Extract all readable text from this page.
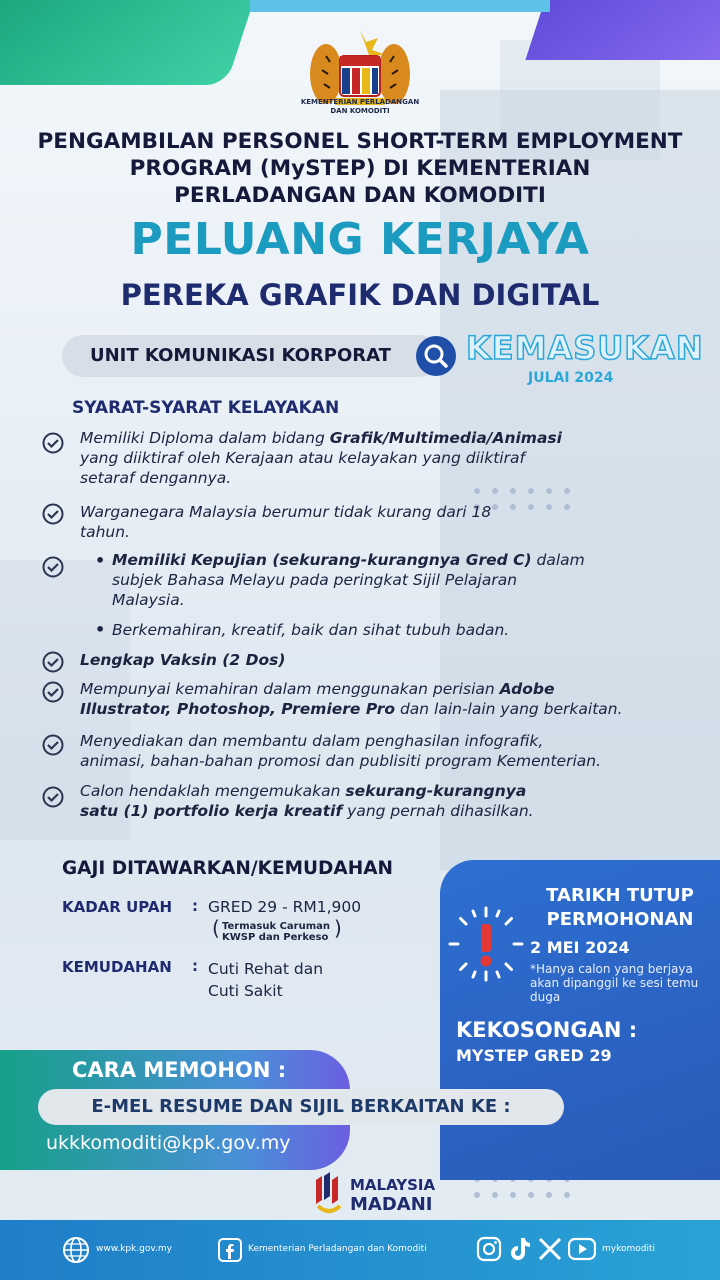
KEMENTERIAN PERLADANGAN
DAN KOMODITI
PENGAMBILAN PERSONEL SHORT-TERM EMPLOYMENT
PROGRAM (MySTEP) DI KEMENTERIAN
PERLADANGAN DAN KOMODITI
PELUANG KERJAYA
PEREKA GRAFIK DAN DIGITAL
UNIT KOMUNIKASI KORPORAT	KEMASUKAN
JULAI 2024
SYARAT-SYARAT KELAYAKAN
Memiliki Diploma dalam bidang Grafik/Multimedia/Animasi
yang diiktiraf oleh Kerajaan atau kelayakan yang diiktiraf
setaraf dengannya.
Warganegara Malaysia berumur tidak kurang dari 18
tahun.
• Memiliki Kepujian (sekurang-kurangnya Gred C) dalam
subjek Bahasa Melayu pada peringkat Sijil Pelajaran
Malaysia.
• Berkemahiran, kreatif, baik dan sihat tubuh badan.
Lengkap Vaksin (2 Dos)
Mempunyai kemahiran dalam menggunakan perisian Adobe
Illustrator, Photoshop, Premiere Pro dan lain-lain yang berkaitan.
Menyediakan dan membantu dalam penghasilan infografik,
animasi, bahan-bahan promosi dan publisiti program Kementerian.
Calon hendaklah mengemukakan sekurang-kurangnya
satu (1) portfolio kerja kreatif yang pernah dihasilkan.
GAJI DITAWARKAN/KEMUDAHAN
KADAR UPAH : GRED 29 - RM1,900
( Termasuk Caruman
KWSP dan Perkeso )
KEMUDAHAN : Cuti Rehat dan
Cuti Sakit
TARIKH TUTUP
PERMOHONAN
2 MEI 2024
*Hanya calon yang berjaya akan dipanggil ke sesi temu duga
KEKOSONGAN :
MYSTEP GRED 29
CARA MEMOHON :
E-MEL RESUME DAN SIJIL BERKAITAN KE :
ukkkomoditi@kpk.gov.my
MALAYSIA
MADANI
www.kpk.gov.my	Kementerian Perladangan dan Komoditi	mykomoditi
